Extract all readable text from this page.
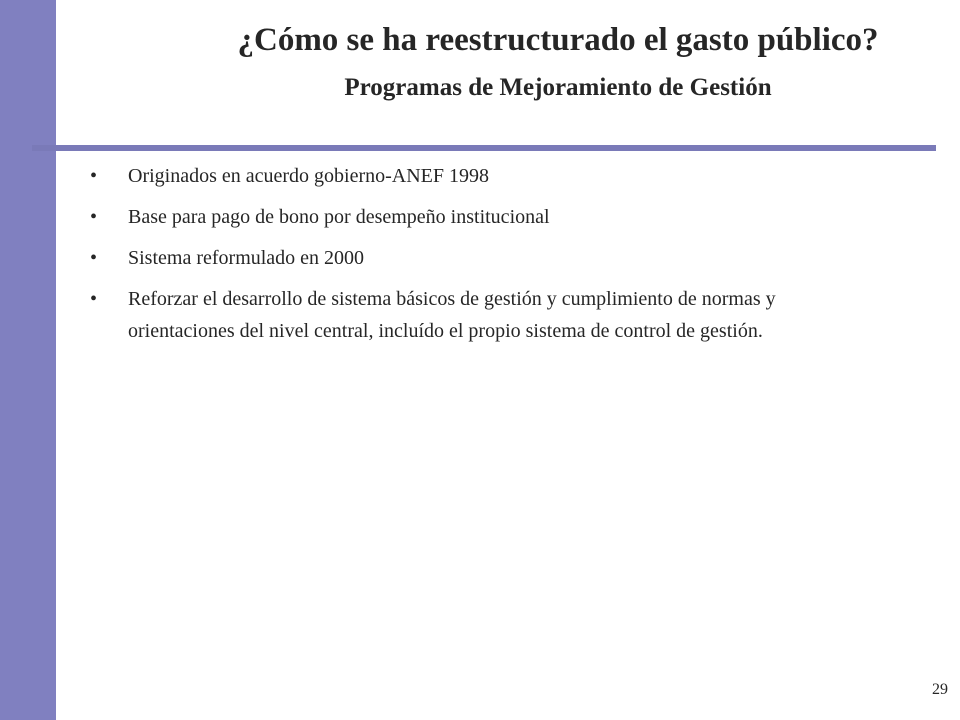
¿Cómo se ha reestructurado el gasto público?
Programas de Mejoramiento de Gestión
• Originados en acuerdo gobierno-ANEF 1998
• Base para pago de bono por desempeño institucional
• Sistema reformulado en 2000
• Reforzar el desarrollo de sistema básicos de gestión y cumplimiento de normas y orientaciones del nivel central, incluído el propio sistema de control de gestión.
29
